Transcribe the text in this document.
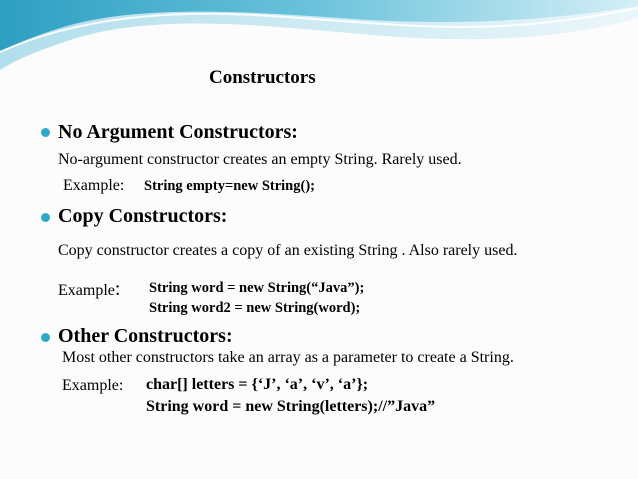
Constructors
No Argument Constructors:
No-argument constructor creates an empty String. Rarely used.
Example: String empty=new String();
Copy Constructors:
Copy constructor creates a copy of an existing String . Also rarely used.
Example: String word = new String(“Java”);
String word2 = new String(word);
Other Constructors:
Most other constructors take an array as a parameter to create a String.
Example: char[] letters = {‘J’, ‘a’, ‘v’, ‘a’};
String word = new String(letters);//”Java”
